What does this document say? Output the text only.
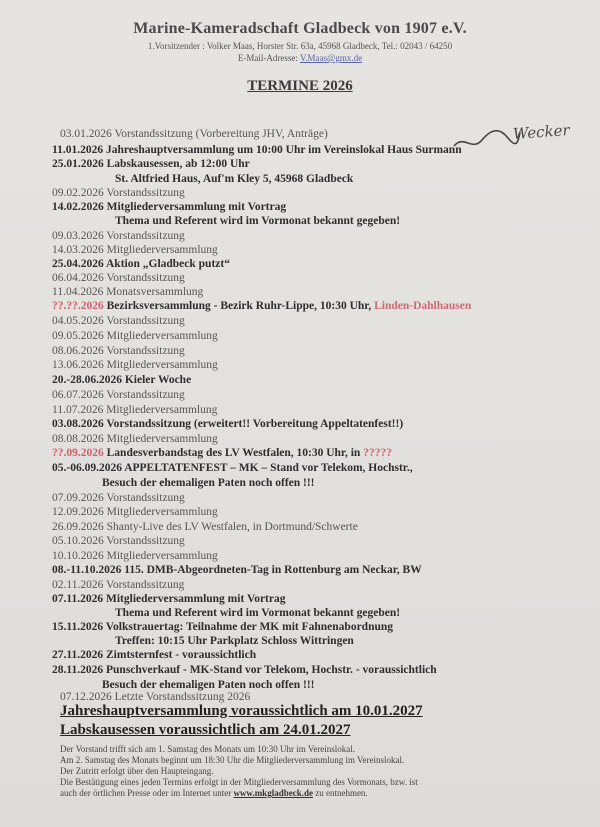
Marine-Kameradschaft Gladbeck von 1907 e.V.
1.Vorsitzender : Volker Maas, Horster Str. 63a, 45968 Gladbeck, Tel.: 02043 / 64250
E-Mail-Adresse: V.Maas@gmx.de
TERMINE 2026
Wecker
03.01.2026 Vorstandssitzung (Vorbereitung JHV, Anträge)
11.01.2026 Jahreshauptversammlung um 10:00 Uhr im Vereinslokal Haus Surmann
25.01.2026 Labskausessen, ab 12:00 Uhr
St. Altfried Haus, Auf'm Kley 5, 45968 Gladbeck
09.02.2026 Vorstandssitzung
14.02.2026 Mitgliederversammlung mit Vortrag
Thema und Referent wird im Vormonat bekannt gegeben!
09.03.2026 Vorstandssitzung
14.03.2026 Mitgliederversammlung
25.04.2026 Aktion „Gladbeck putzt“
06.04.2026 Vorstandssitzung
11.04.2026 Monatsversammlung
??.??.2026 Bezirksversammlung - Bezirk Ruhr-Lippe, 10:30 Uhr, Linden-Dahlhausen
04.05.2026 Vorstandssitzung
09.05.2026 Mitgliederversammlung
08.06.2026 Vorstandssitzung
13.06.2026 Mitgliederversammlung
20.-28.06.2026 Kieler Woche
06.07.2026 Vorstandssitzung
11.07.2026 Mitgliederversammlung
03.08.2026 Vorstandssitzung (erweitert!! Vorbereitung Appeltatenfest!!)
08.08.2026 Mitgliederversammlung
??.09.2026 Landesverbandstag des LV Westfalen, 10:30 Uhr, in ?????
05.-06.09.2026 APPELTATENFEST – MK – Stand vor Telekom, Hochstr.,
Besuch der ehemaligen Paten noch offen !!!
07.09.2026 Vorstandssitzung
12.09.2026 Mitgliederversammlung
26.09.2026 Shanty-Live des LV Westfalen, in Dortmund/Schwerte
05.10.2026 Vorstandssitzung
10.10.2026 Mitgliederversammlung
08.-11.10.2026 115. DMB-Abgeordneten-Tag in Rottenburg am Neckar, BW
02.11.2026 Vorstandssitzung
07.11.2026 Mitgliederversammlung mit Vortrag
Thema und Referent wird im Vormonat bekannt gegeben!
15.11.2026 Volkstrauertag: Teilnahme der MK mit Fahnenabordnung
Treffen: 10:15 Uhr Parkplatz Schloss Wittringen
27.11.2026 Zimtsternfest - voraussichtlich
28.11.2026 Punschverkauf - MK-Stand vor Telekom, Hochstr. - voraussichtlich
Besuch der ehemaligen Paten noch offen !!!
07.12.2026 Letzte Vorstandssitzung 2026
Jahreshauptversammlung voraussichtlich am 10.01.2027
Labskausessen voraussichtlich am 24.01.2027
Der Vorstand trifft sich am 1. Samstag des Monats um 10:30 Uhr im Vereinslokal.
Am 2. Samstag des Monats beginnt um 18:30 Uhr die Mitgliederversammlung im Vereinslokal.
Der Zutritt erfolgt über den Haupteingang.
Die Bestätigung eines jeden Termins erfolgt in der Mitgliederversammlung des Vormonats, bzw. ist
auch der örtlichen Presse oder im Internet unter www.mkgladbeck.de zu entnehmen.
